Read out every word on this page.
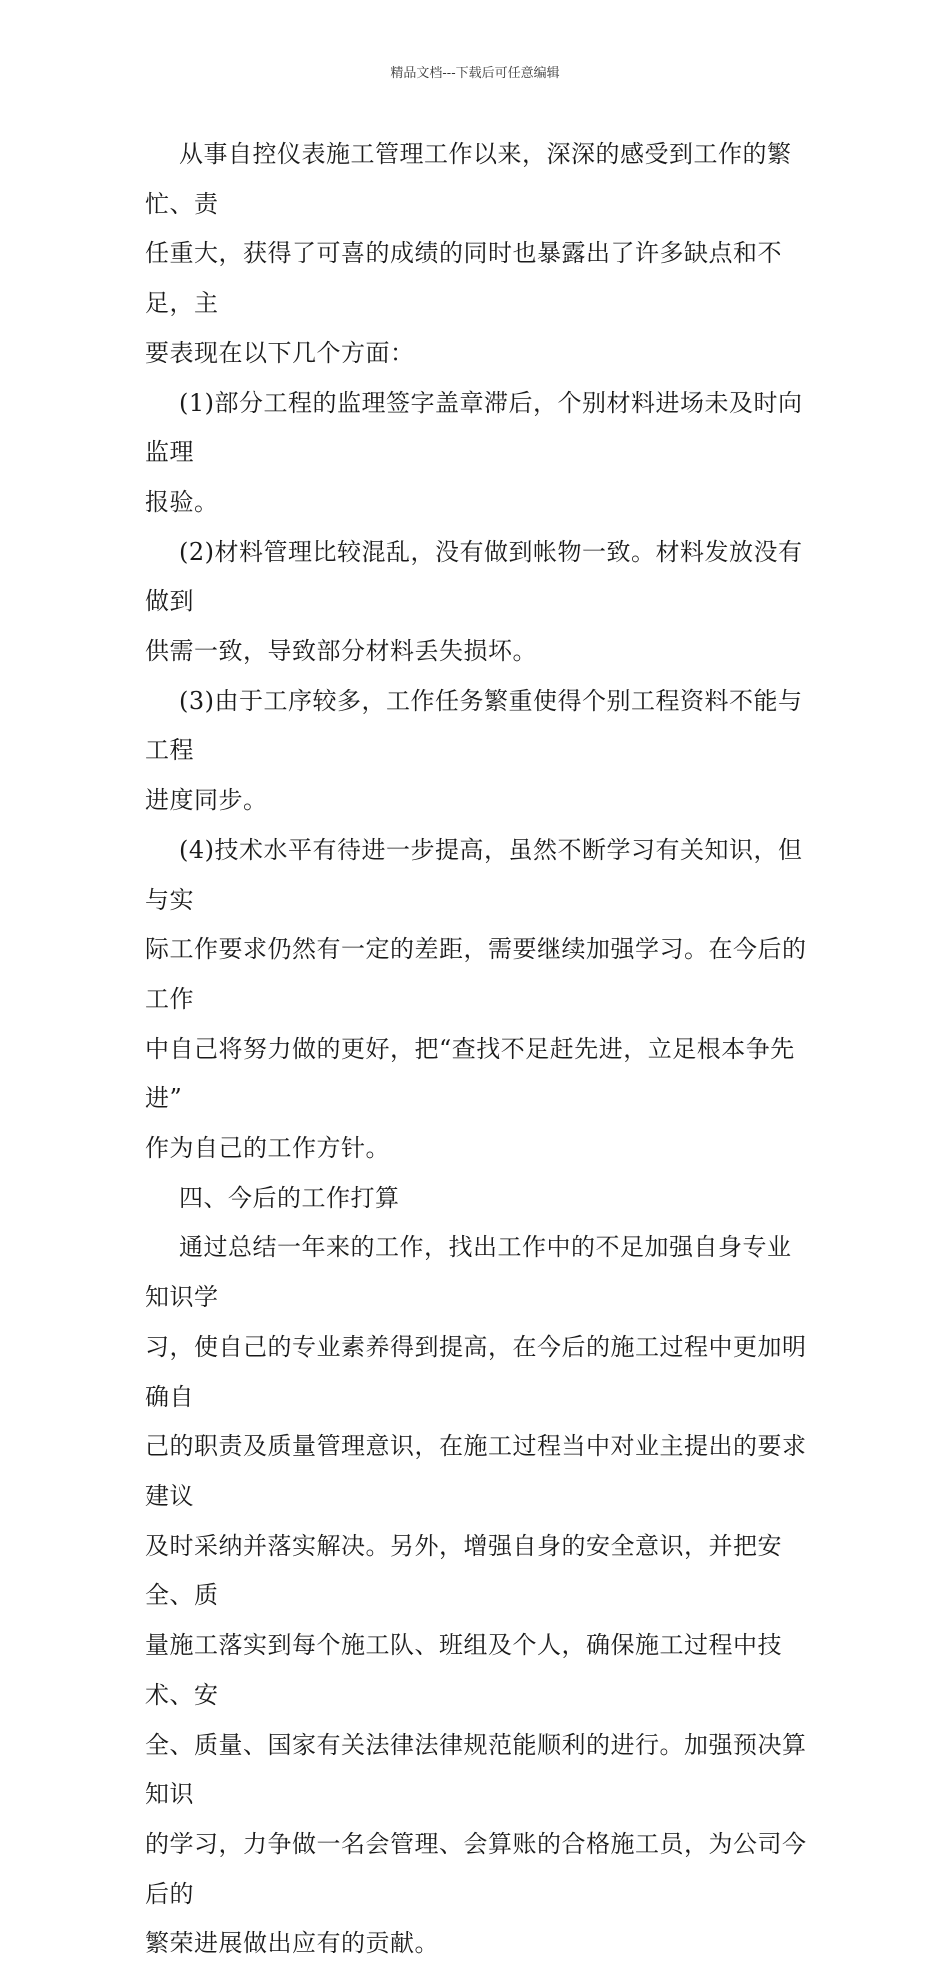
精品文档---下载后可任意编辑

从事自控仪表施工管理工作以来，深深的感受到工作的繁忙、责
任重大，获得了可喜的成绩的同时也暴露出了许多缺点和不足，主
要表现在以下几个方面：

(1)部分工程的监理签字盖章滞后，个别材料进场未及时向监理
报验。

(2)材料管理比较混乱，没有做到帐物一致。材料发放没有做到
供需一致，导致部分材料丢失损坏。

(3)由于工序较多，工作任务繁重使得个别工程资料不能与工程
进度同步。

(4)技术水平有待进一步提高，虽然不断学习有关知识，但与实
际工作要求仍然有一定的差距，需要继续加强学习。在今后的工作
中自己将努力做的更好，把“查找不足赶先进，立足根本争先进”
作为自己的工作方针。

四、今后的工作打算

通过总结一年来的工作，找出工作中的不足加强自身专业知识学
习，使自己的专业素养得到提高，在今后的施工过程中更加明确自
己的职责及质量管理意识，在施工过程当中对业主提出的要求建议
及时采纳并落实解决。另外，增强自身的安全意识，并把安全、质
量施工落实到每个施工队、班组及个人，确保施工过程中技术、安
全、质量、国家有关法律法律规范能顺利的进行。加强预决算知识
的学习，力争做一名会管理、会算账的合格施工员，为公司今后的
繁荣进展做出应有的贡献。
